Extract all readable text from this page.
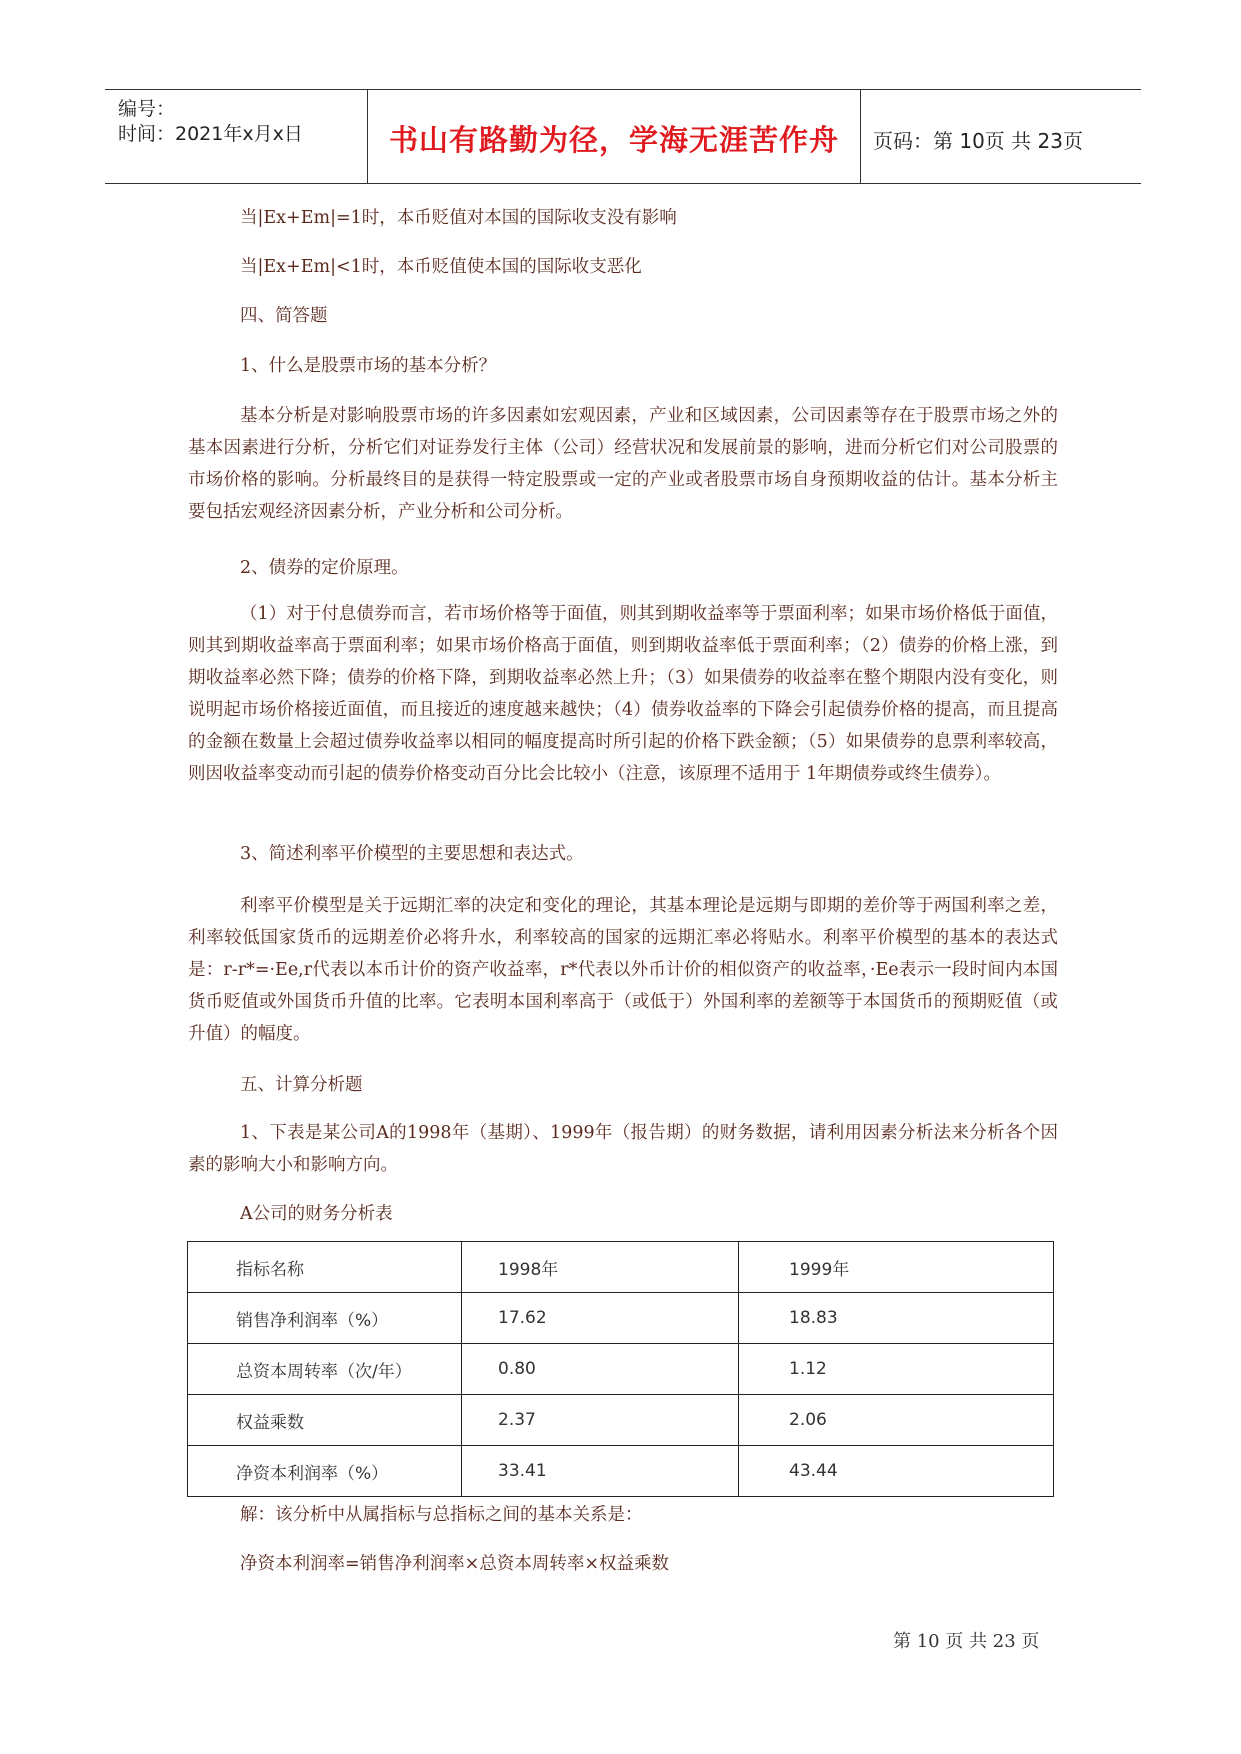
编号：
时间：2021年x月x日	书山有路勤为径，学海无涯苦作舟	页码：第 10页 共 23页

当|Ex+Em|=1时，本币贬值对本国的国际收支没有影响

当|Ex+Em|<1时，本币贬值使本国的国际收支恶化

四、简答题

1、什么是股票市场的基本分析？

基本分析是对影响股票市场的许多因素如宏观因素，产业和区域因素，公司因素等存在于股票市场之外的基本因素进行分析，分析它们对证券发行主体（公司）经营状况和发展前景的影响，进而分析它们对公司股票的市场价格的影响。分析最终目的是获得一特定股票或一定的产业或者股票市场自身预期收益的估计。基本分析主要包括宏观经济因素分析，产业分析和公司分析。

2、债券的定价原理。

（1）对于付息债券而言，若市场价格等于面值，则其到期收益率等于票面利率；如果市场价格低于面值，则其到期收益率高于票面利率；如果市场价格高于面值，则到期收益率低于票面利率；（2）债券的价格上涨，到期收益率必然下降；债券的价格下降，到期收益率必然上升；（3）如果债券的收益率在整个期限内没有变化，则说明起市场价格接近面值，而且接近的速度越来越快；（4）债券收益率的下降会引起债券价格的提高，而且提高的金额在数量上会超过债券收益率以相同的幅度提高时所引起的价格下跌金额；（5）如果债券的息票利率较高，则因收益率变动而引起的债券价格变动百分比会比较小（注意，该原理不适用于 1年期债券或终生债券）。

3、简述利率平价模型的主要思想和表达式。

利率平价模型是关于远期汇率的决定和变化的理论，其基本理论是远期与即期的差价等于两国利率之差，利率较低国家货币的远期差价必将升水，利率较高的国家的远期汇率必将贴水。利率平价模型的基本的表达式是：r-r*=·Ee,r代表以本币计价的资产收益率，r*代表以外币计价的相似资产的收益率，·Ee表示一段时间内本国货币贬值或外国货币升值的比率。它表明本国利率高于（或低于）外国利率的差额等于本国货币的预期贬值（或升值）的幅度。

五、计算分析题

1、下表是某公司A的1998年（基期）、1999年（报告期）的财务数据，请利用因素分析法来分析各个因素的影响大小和影响方向。

A公司的财务分析表

解：该分析中从属指标与总指标之间的基本关系是：

净资本利润率=销售净利润率×总资本周转率×权益乘数

指标名称	1998年	1999年
销售净利润率（%）	17.62	18.83
总资本周转率（次/年）	0.80	1.12
权益乘数	2.37	2.06
净资本利润率（%）	33.41	43.44
第 10 页 共 23 页
